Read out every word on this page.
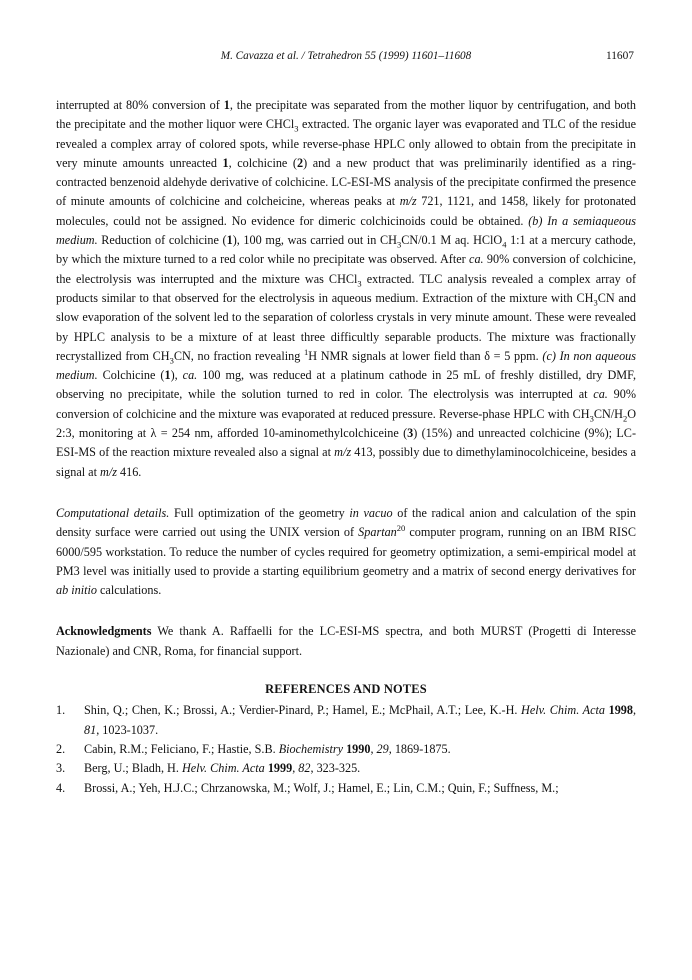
M. Cavazza et al. / Tetrahedron 55 (1999) 11601–11608	11607

interrupted at 80% conversion of 1, the precipitate was separated from the mother liquor by centrifugation, and both the precipitate and the mother liquor were CHCl$_3$ extracted. The organic layer was evaporated and TLC of the residue revealed a complex array of colored spots, while reverse-phase HPLC only allowed to obtain from the precipitate in very minute amounts unreacted 1, colchicine (2) and a new product that was preliminarily identified as a ring-contracted benzenoid aldehyde derivative of colchicine. LC-ESI-MS analysis of the precipitate confirmed the presence of minute amounts of colchicine and colcheicine, whereas peaks at m/z 721, 1121, and 1458, likely for protonated molecules, could not be assigned. No evidence for dimeric colchicinoids could be obtained. (b) In a semiaqueous medium. Reduction of colchicine (1), 100 mg, was carried out in $CH_3CN/0.1$ M aq. HClO$_4$ 1:1 at a mercury cathode, by which the mixture turned to a red color while no precipitate was observed. After ca. 90% conversion of colchicine, the electrolysis was interrupted and the mixture was CHCl$_3$ extracted. TLC analysis revealed a complex array of products similar to that observed for the electrolysis in aqueous medium. Extraction of the mixture with $CH_3CN$ and slow evaporation of the solvent led to the separation of colorless crystals in very minute amount. These were revealed by HPLC analysis to be a mixture of at least three difficultly separable products. The mixture was fractionally recrystallized from $CH_3CN$, no fraction revealing $^1$H NMR signals at lower field than δ = 5 ppm. (c) In non aqueous medium. Colchicine (1), ca. 100 mg, was reduced at a platinum cathode in 25 mL of freshly distilled, dry DMF, observing no precipitate, while the solution turned to red in color. The electrolysis was interrupted at ca. 90% conversion of colchicine and the mixture was evaporated at reduced pressure. Reverse-phase HPLC with $CH_3CN/H_2O$ 2:3, monitoring at λ = 254 nm, afforded 10-aminomethylcolchiceine (3) (15%) and unreacted colchicine (9%); LC-ESI-MS of the reaction mixture revealed also a signal at m/z 413, possibly due to dimethylaminocolchiceine, besides a signal at m/z 416.

Computational details. Full optimization of the geometry in vacuo of the radical anion and calculation of the spin density surface were carried out using the UNIX version of Spartan$^{20}$ computer program, running on an IBM RISC 6000/595 workstation. To reduce the number of cycles required for geometry optimization, a semi-empirical model at PM3 level was initially used to provide a starting equilibrium geometry and a matrix of second energy derivatives for ab initio calculations.

Acknowledgments We thank A. Raffaelli for the LC-ESI-MS spectra, and both MURST (Progetti di Interesse Nazionale) and CNR, Roma, for financial support.

REFERENCES AND NOTES
1. Shin, Q.; Chen, K.; Brossi, A.; Verdier-Pinard, P.; Hamel, E.; McPhail, A.T.; Lee, K.-H. Helv. Chim. Acta 1998, 81, 1023-1037.
2. Cabin, R.M.; Feliciano, F.; Hastie, S.B. Biochemistry 1990, 29, 1869-1875.
3. Berg, U.; Bladh, H. Helv. Chim. Acta 1999, 82, 323-325.
4. Brossi, A.; Yeh, H.J.C.; Chrzanowska, M.; Wolf, J.; Hamel, E.; Lin, C.M.; Quin, F.; Suffness, M.;
